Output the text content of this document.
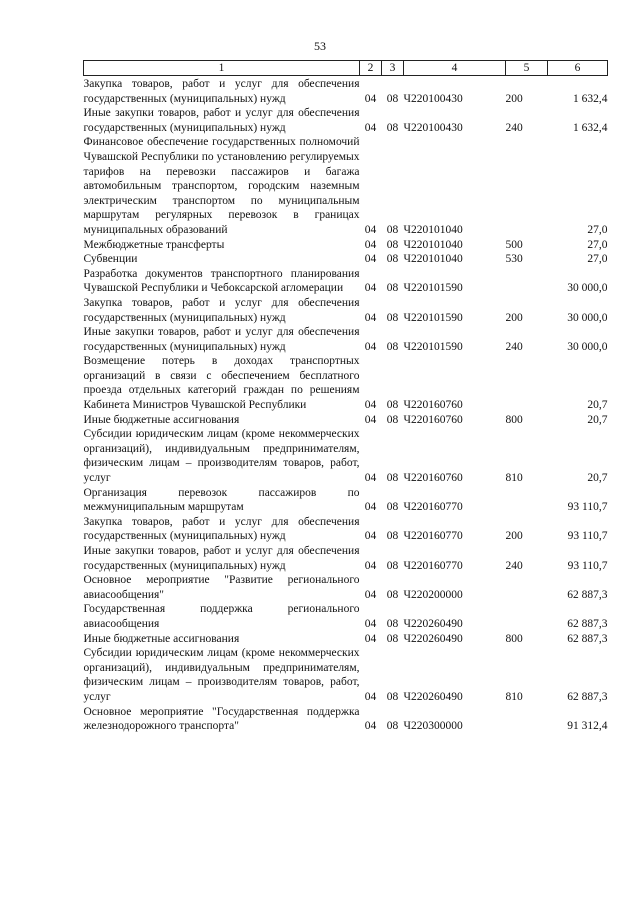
53
1	2	3	4	5	6
Закупка товаров, работ и услуг для обеспечения государственных (муниципальных) нужд	04	08	Ч220100430	200	1 632,4
Иные закупки товаров, работ и услуг для обеспечения государственных (муниципальных) нужд	04	08	Ч220100430	240	1 632,4
Финансовое обеспечение государственных полномочий Чувашской Республики по установлению регулируемых тарифов на перевозки пассажиров и багажа автомобильным транспортом, городским наземным электрическим транспортом по муниципальным маршрутам регулярных перевозок в границах муниципальных образований	04	08	Ч220101040		27,0
Межбюджетные трансферты	04	08	Ч220101040	500	27,0
Субвенции	04	08	Ч220101040	530	27,0
Разработка документов транспортного планирования Чувашской Республики и Чебоксарской агломерации	04	08	Ч220101590		30 000,0
Закупка товаров, работ и услуг для обеспечения государственных (муниципальных) нужд	04	08	Ч220101590	200	30 000,0
Иные закупки товаров, работ и услуг для обеспечения государственных (муниципальных) нужд	04	08	Ч220101590	240	30 000,0
Возмещение потерь в доходах транспортных организаций в связи с обеспечением бесплатного проезда отдельных категорий граждан по решениям Кабинета Министров Чувашской Республики	04	08	Ч220160760		20,7
Иные бюджетные ассигнования	04	08	Ч220160760	800	20,7
Субсидии юридическим лицам (кроме некоммерческих организаций), индивидуальным предпринимателям, физическим лицам – производителям товаров, работ, услуг	04	08	Ч220160760	810	20,7
Организация перевозок пассажиров по межмуниципальным маршрутам	04	08	Ч220160770		93 110,7
Закупка товаров, работ и услуг для обеспечения государственных (муниципальных) нужд	04	08	Ч220160770	200	93 110,7
Иные закупки товаров, работ и услуг для обеспечения государственных (муниципальных) нужд	04	08	Ч220160770	240	93 110,7
Основное мероприятие "Развитие регионального авиасообщения"	04	08	Ч220200000		62 887,3
Государственная поддержка регионального авиасообщения	04	08	Ч220260490		62 887,3
Иные бюджетные ассигнования	04	08	Ч220260490	800	62 887,3
Субсидии юридическим лицам (кроме некоммерческих организаций), индивидуальным предпринимателям, физическим лицам – производителям товаров, работ, услуг	04	08	Ч220260490	810	62 887,3
Основное мероприятие "Государственная поддержка железнодорожного транспорта"	04	08	Ч220300000		91 312,4
